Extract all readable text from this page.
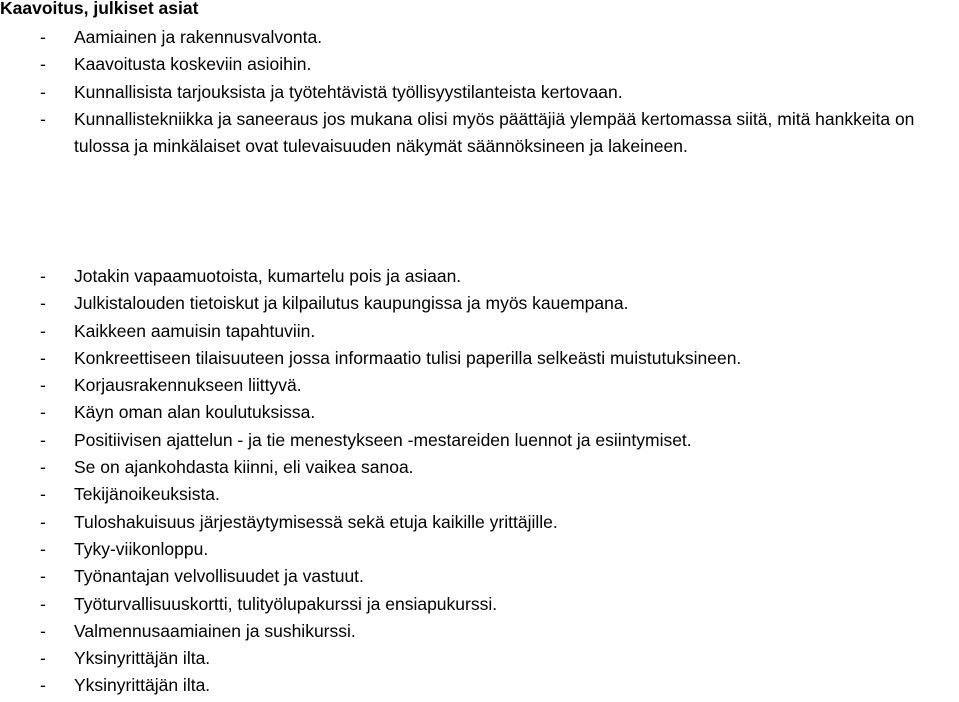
Kaavoitus, julkiset asiat
- Aamiainen ja rakennusvalvonta.
- Kaavoitusta koskeviin asioihin.
- Kunnallisista tarjouksista ja työtehtävistä työllisyystilanteista kertovaan.
- Kunnallistekniikka ja saneeraus jos mukana olisi myös päättäjiä ylempää kertomassa siitä, mitä hankkeita on tulossa ja minkälaiset ovat tulevaisuuden näkymät säännöksineen ja lakeineen.
- Jotakin vapaamuotoista, kumartelu pois ja asiaan.
- Julkistalouden tietoiskut ja kilpailutus kaupungissa ja myös kauempana.
- Kaikkeen aamuisin tapahtuviin.
- Konkreettiseen tilaisuuteen jossa informaatio tulisi paperilla selkeästi muistutuksineen.
- Korjausrakennukseen liittyvä.
- Käyn oman alan koulutuksissa.
- Positiivisen ajattelun - ja tie menestykseen -mestareiden luennot ja esiintymiset.
- Se on ajankohdasta kiinni, eli vaikea sanoa.
- Tekijänoikeuksista.
- Tuloshakuisuus järjestäytymisessä sekä etuja kaikille yrittäjille.
- Tyky-viikonloppu.
- Työnantajan velvollisuudet ja vastuut.
- Työturvallisuuskortti, tulityölupakurssi ja ensiapukurssi.
- Valmennusaamiainen ja sushikurssi.
- Yksinyrittäjän ilta.
- Yksinyrittäjän ilta.
